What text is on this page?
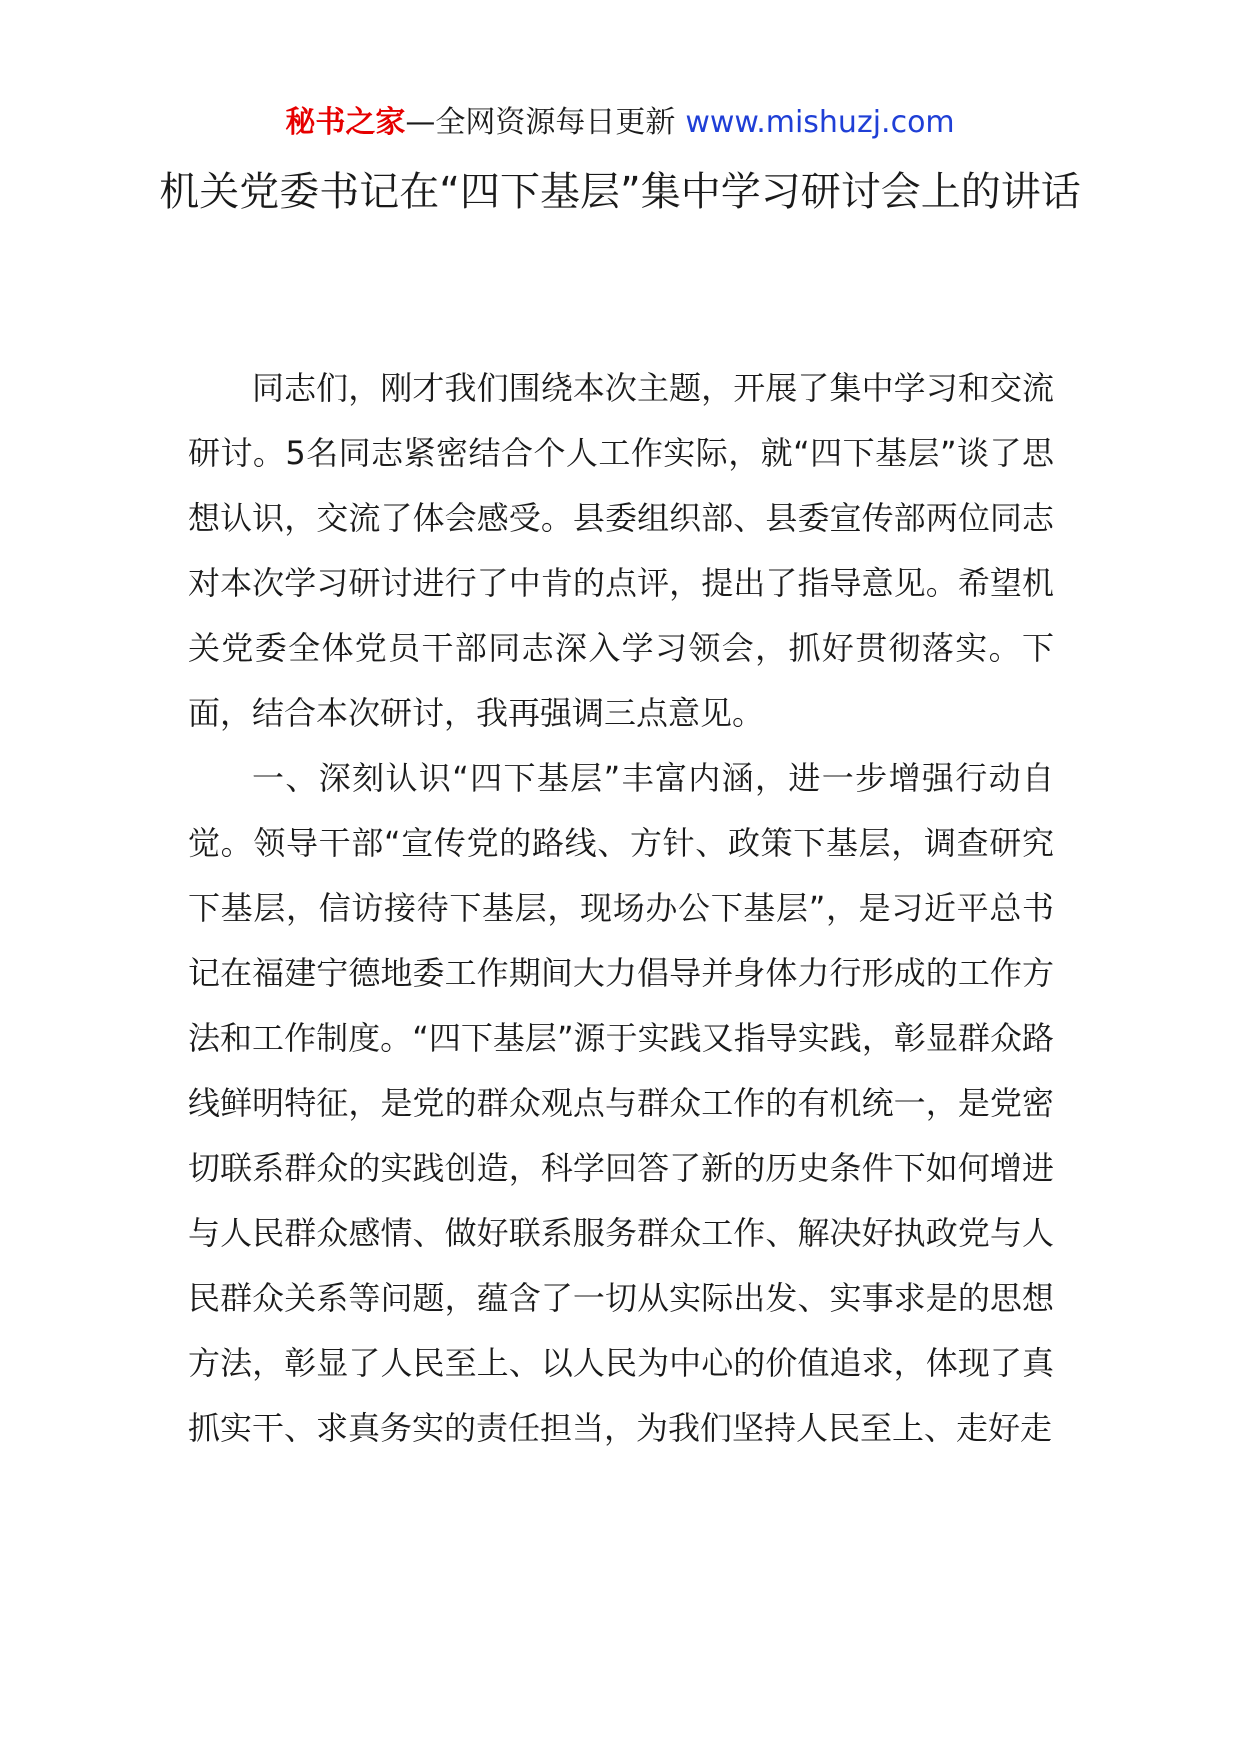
秘书之家—全网资源每日更新 www.mishuzj.com
机关党委书记在“四下基层”集中学习研讨会上的讲话

同志们，刚才我们围绕本次主题，开展了集中学习和交流研讨。5名同志紧密结合个人工作实际，就“四下基层”谈了思想认识，交流了体会感受。县委组织部、县委宣传部两位同志对本次学习研讨进行了中肯的点评，提出了指导意见。希望机关党委全体党员干部同志深入学习领会，抓好贯彻落实。下面，结合本次研讨，我再强调三点意见。

一、深刻认识“四下基层”丰富内涵，进一步增强行动自觉。领导干部“宣传党的路线、方针、政策下基层，调查研究下基层，信访接待下基层，现场办公下基层”，是习近平总书记在福建宁德地委工作期间大力倡导并身体力行形成的工作方法和工作制度。“四下基层”源于实践又指导实践，彰显群众路线鲜明特征，是党的群众观点与群众工作的有机统一，是党密切联系群众的实践创造，科学回答了新的历史条件下如何增进与人民群众感情、做好联系服务群众工作、解决好执政党与人民群众关系等问题，蕴含了一切从实际出发、实事求是的思想方法，彰显了人民至上、以人民为中心的价值追求，体现了真抓实干、求真务实的责任担当，为我们坚持人民至上、走好走
